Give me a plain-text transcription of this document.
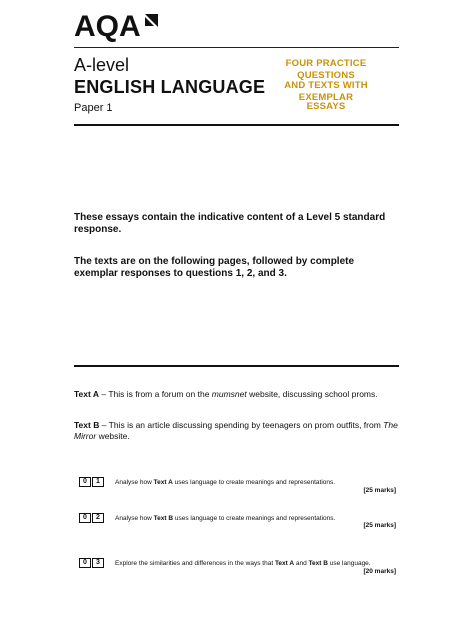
AQA
A-level
ENGLISH LANGUAGE
Paper 1
FOUR PRACTICE QUESTIONS
AND TEXTS WITH EXEMPLAR
ESSAYS
These essays contain the indicative content of a Level 5 standard response.
The texts are on the following pages, followed by complete exemplar responses to questions 1, 2, and 3.
Text A – This is from a forum on the mumsnet website, discussing school proms.
Text B – This is an article discussing spending by teenagers on prom outfits, from The Mirror website.
0	1	Analyse how Text A uses language to create meanings and representations.
[25 marks]
0	2	Analyse how Text B uses language to create meanings and representations.
[25 marks]
0	3	Explore the similarities and differences in the ways that Text A and Text B use language.
[20 marks]
